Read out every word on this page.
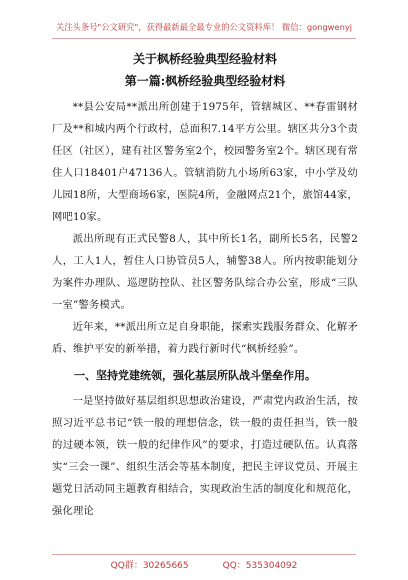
关注头条号"公文研究"，获得最新最全最专业的公文资料库！ 微信：gongwenyj
关于枫桥经验典型经验材料
第一篇:枫桥经验典型经验材料

**县公安局**派出所创建于1975年，管辖城区、**春雷钢材厂及**和城内两个行政村，总面积7.14平方公里。辖区共分3个责任区（社区），建有社区警务室2个，校园警务室2个。辖区现有常住人口18401户47136人。管辖消防九小场所63家，中小学及幼儿园18所，大型商场6家，医院4所，金融网点21个，旅馆44家，网吧10家。

派出所现有正式民警8人，其中所长1名，副所长5名，民警2人，工人1人，暂住人口协管员5人，辅警38人。所内按职能划分为案件办理队、巡逻防控队、社区警务队综合办公室，形成“三队一室”警务模式。

近年来，**派出所立足自身职能，探索实践服务群众、化解矛盾、维护平安的新举措，着力践行新时代“枫桥经验”。

一、坚持党建统领，强化基层所队战斗堡垒作用。

一是坚持做好基层组织思想政治建设，严肃党内政治生活，按照习近平总书记“铁一般的理想信念，铁一般的责任担当，铁一般的过硬本领，铁一般的纪律作风”的要求，打造过硬队伍。认真落实“三会一课”、组织生活会等基本制度，把民主评议党员、开展主题党日活动同主题教育相结合，实现政治生活的制度化和规范化，强化理论

QQ群：30265665	QQ：535304092
